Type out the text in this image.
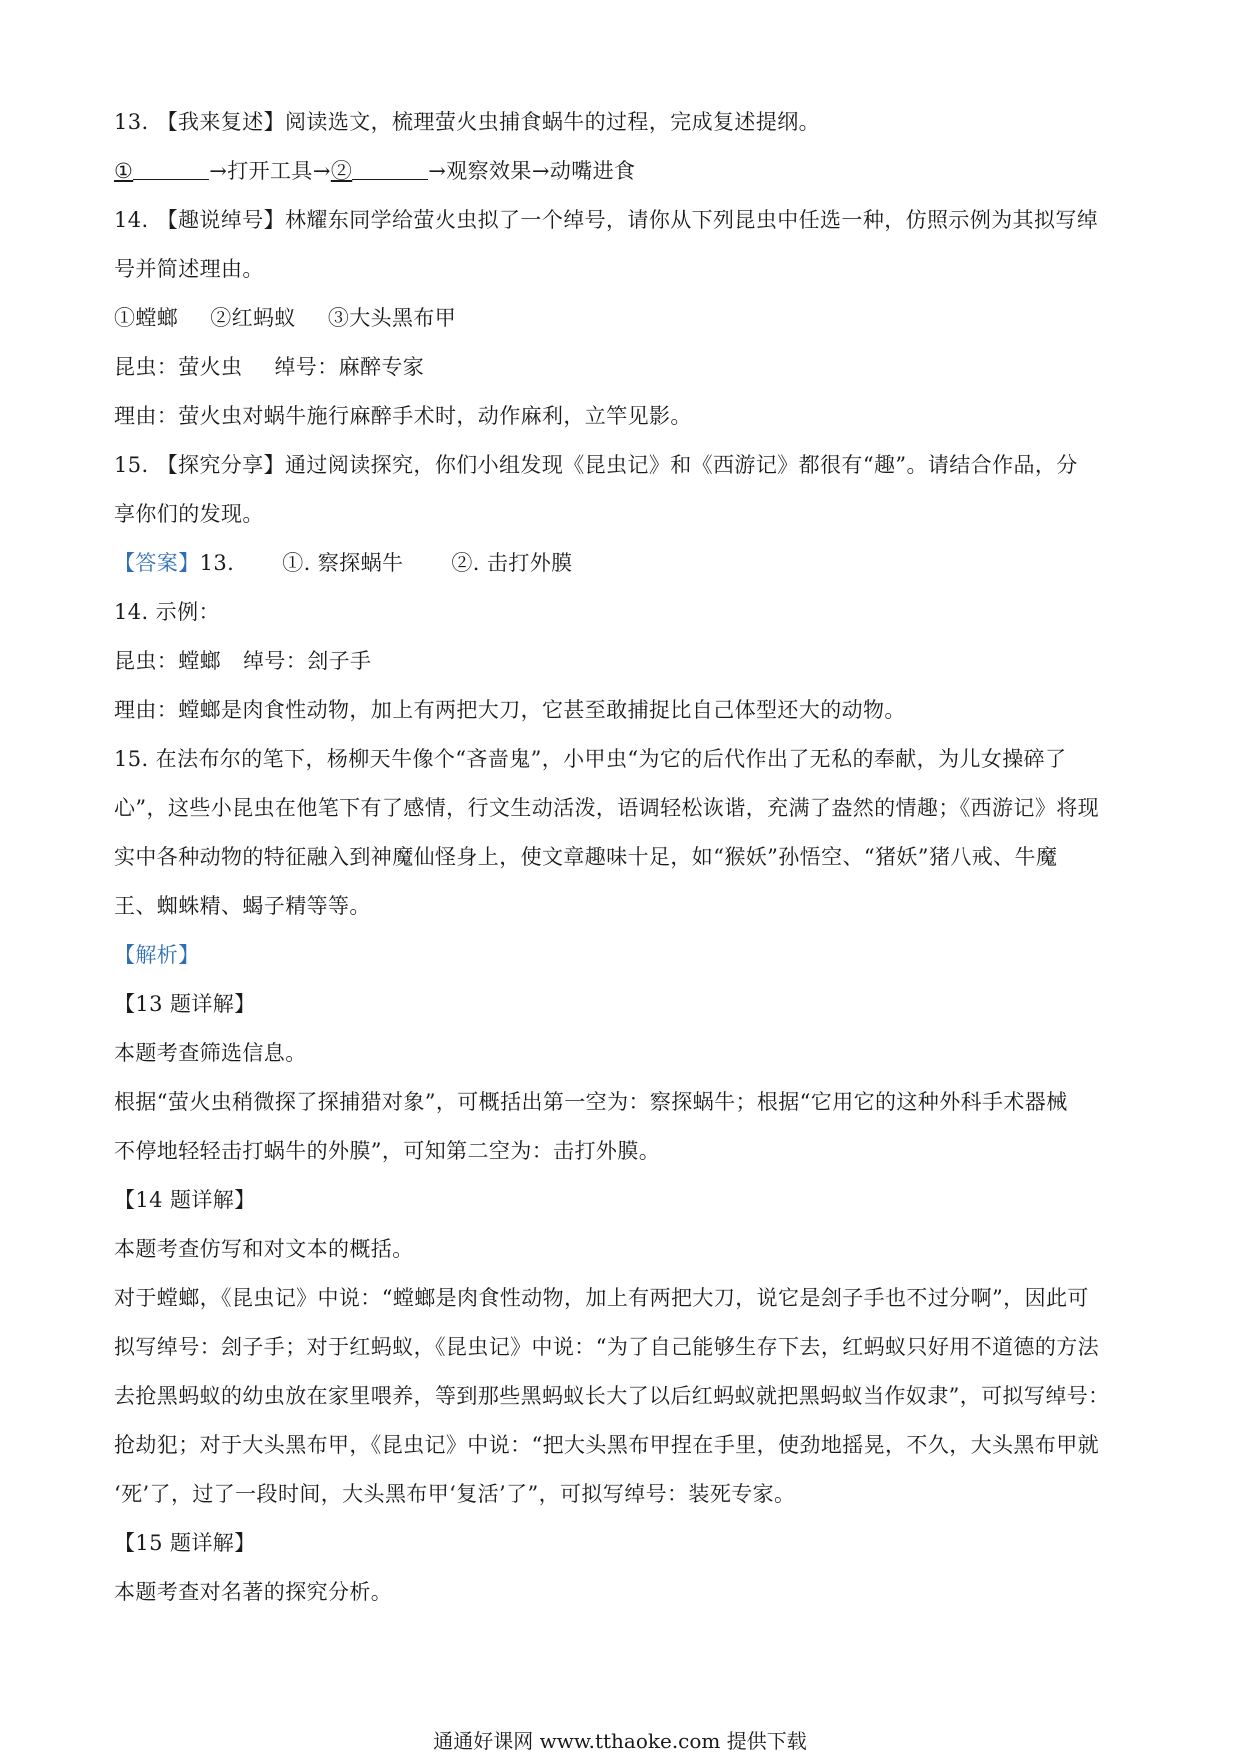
13. 【我来复述】阅读选文，梳理萤火虫捕食蜗牛的过程，完成复述提纲。
①	→打开工具→②	→观察效果→动嘴进食
14. 【趣说绰号】林耀东同学给萤火虫拟了一个绰号，请你从下列昆虫中任选一种，仿照示例为其拟写绰
号并简述理由。
①螳螂 ②红蚂蚁 ③大头黑布甲
昆虫：萤火虫 绰号：麻醉专家
理由：萤火虫对蜗牛施行麻醉手术时，动作麻利，立竿见影。
15. 【探究分享】通过阅读探究，你们小组发现《昆虫记》和《西游记》都很有“趣”。请结合作品，分
享你们的发现。
【答案】13. ①. 察探蜗牛 ②. 击打外膜
14. 示例：
昆虫：螳螂 绰号：刽子手
理由：螳螂是肉食性动物，加上有两把大刀，它甚至敢捕捉比自己体型还大的动物。
15. 在法布尔的笔下，杨柳天牛像个“吝啬鬼”，小甲虫“为它的后代作出了无私的奉献，为儿女操碎了
心”，这些小昆虫在他笔下有了感情，行文生动活泼，语调轻松诙谐，充满了盎然的情趣；《西游记》将现
实中各种动物的特征融入到神魔仙怪身上，使文章趣味十足，如“猴妖”孙悟空、“猪妖”猪八戒、牛魔
王、蜘蛛精、蝎子精等等。
【解析】
【13 题详解】
本题考查筛选信息。
根据“萤火虫稍微探了探捕猎对象”，可概括出第一空为：察探蜗牛；根据“它用它的这种外科手术器械
不停地轻轻击打蜗牛的外膜”，可知第二空为：击打外膜。
【14 题详解】
本题考查仿写和对文本的概括。
对于螳螂，《昆虫记》中说：“螳螂是肉食性动物，加上有两把大刀，说它是刽子手也不过分啊”，因此可
拟写绰号：刽子手；对于红蚂蚁，《昆虫记》中说：“为了自己能够生存下去，红蚂蚁只好用不道德的方法
去抢黑蚂蚁的幼虫放在家里喂养，等到那些黑蚂蚁长大了以后红蚂蚁就把黑蚂蚁当作奴隶”，可拟写绰号：
抢劫犯；对于大头黑布甲，《昆虫记》中说：“把大头黑布甲捏在手里，使劲地摇晃，不久，大头黑布甲就
‘死’了，过了一段时间，大头黑布甲‘复活’了”，可拟写绰号：装死专家。
【15 题详解】
本题考查对名著的探究分析。
通通好课网 www.tthaoke.com 提供下载
